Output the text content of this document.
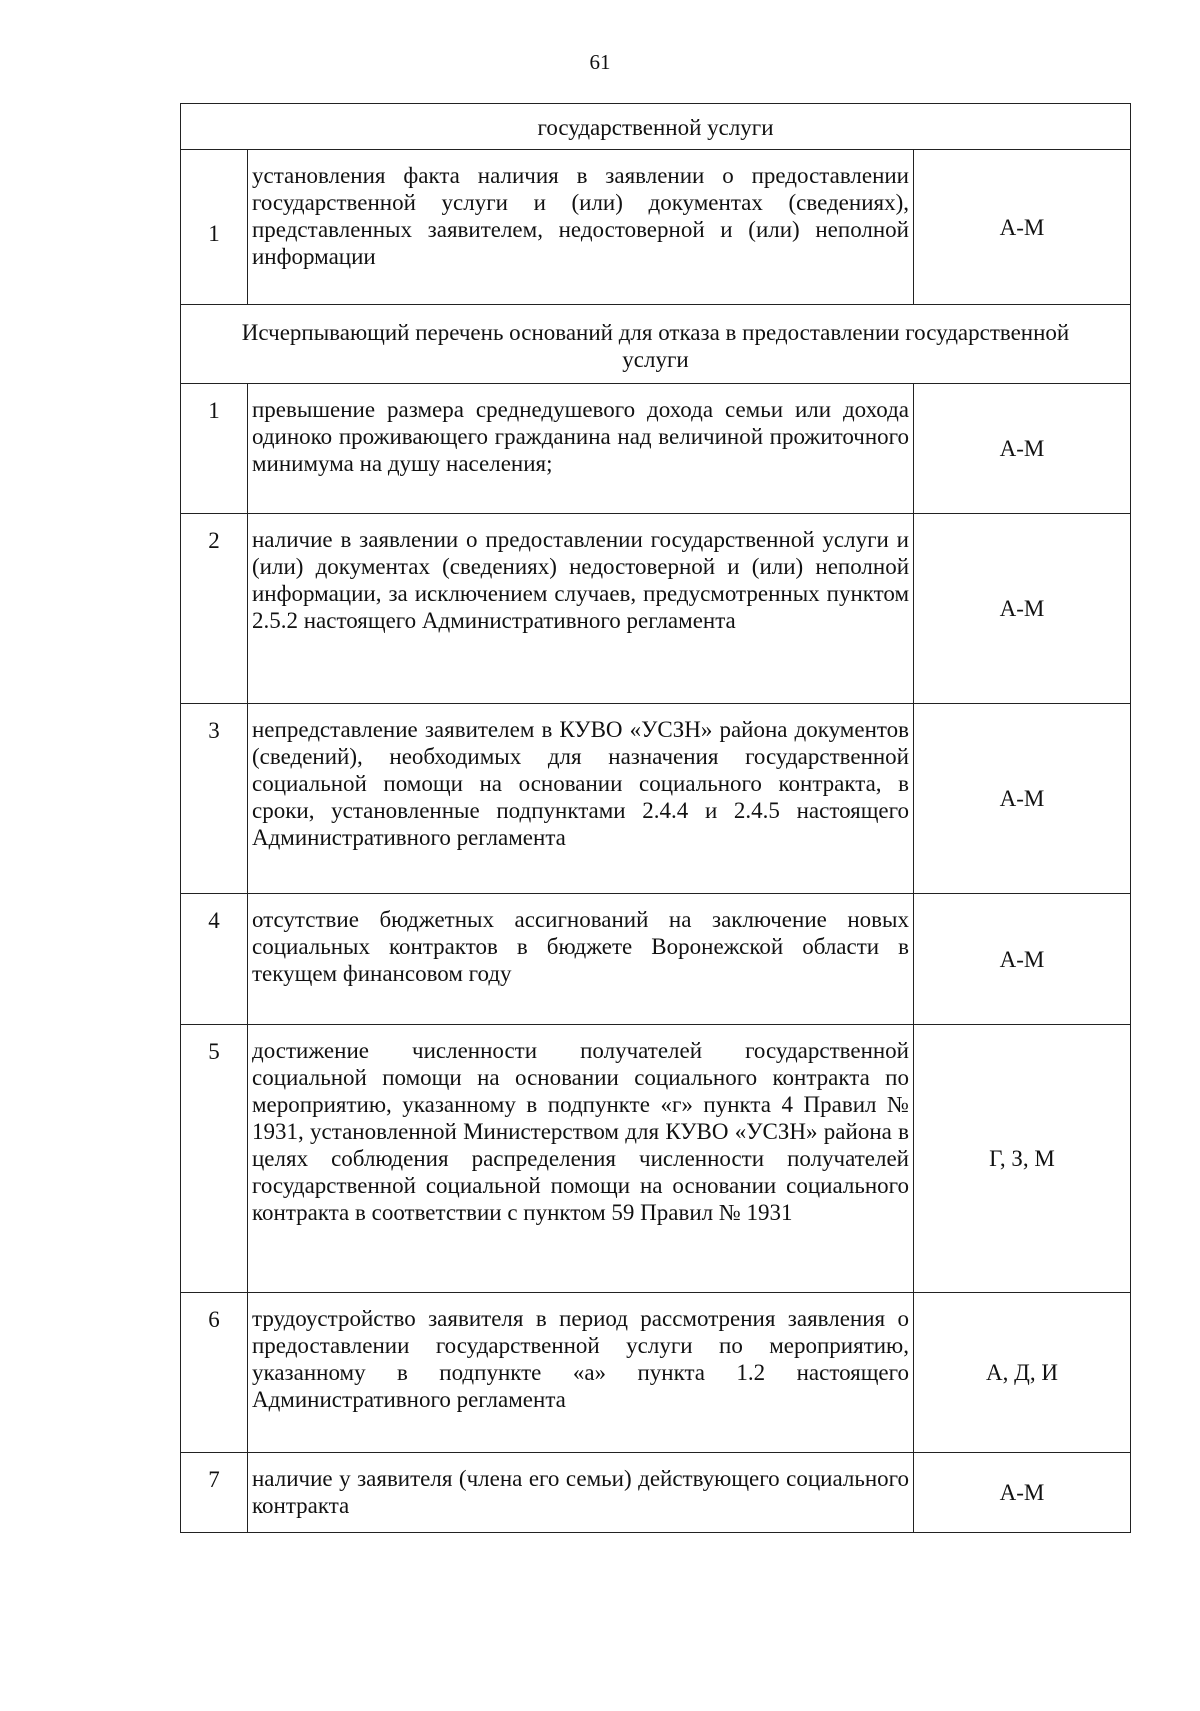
61
государственной услуги		
1	установления факта наличия в заявлении о предоставлении государственной услуги и (или) документах (сведениях), представленных заявителем, недостоверной и (или) неполной информации	А-М
Исчерпывающий перечень оснований для отказа в предоставлении государственной услуги		
1	превышение размера среднедушевого дохода семьи или дохода одиноко проживающего гражданина над величиной прожиточного минимума на душу населения;	А-М
2	наличие в заявлении о предоставлении государственной услуги и (или) документах (сведениях) недостоверной и (или) неполной информации, за исключением случаев, предусмотренных пунктом 2.5.2 настоящего Административного регламента	А-М
3	непредставление заявителем в КУВО «УСЗН» района документов (сведений), необходимых для назначения государственной социальной помощи на основании социального контракта, в сроки, установленные подпунктами 2.4.4 и 2.4.5 настоящего Административного регламента	А-М
4	отсутствие бюджетных ассигнований на заключение новых социальных контрактов в бюджете Воронежской области в текущем финансовом году	А-М
5	достижение численности получателей государственной социальной помощи на основании социального контракта по мероприятию, указанному в подпункте «г» пункта 4 Правил № 1931, установленной Министерством для КУВО «УСЗН» района в целях соблюдения распределения численности получателей государственной социальной помощи на основании социального контракта в соответствии с пунктом 59 Правил № 1931	Г, З, М
6	трудоустройство заявителя в период рассмотрения заявления о предоставлении государственной услуги по мероприятию, указанному в подпункте «а» пункта 1.2 настоящего Административного регламента	А, Д, И
7	наличие у заявителя (члена его семьи) действующего социального контракта	А-М
